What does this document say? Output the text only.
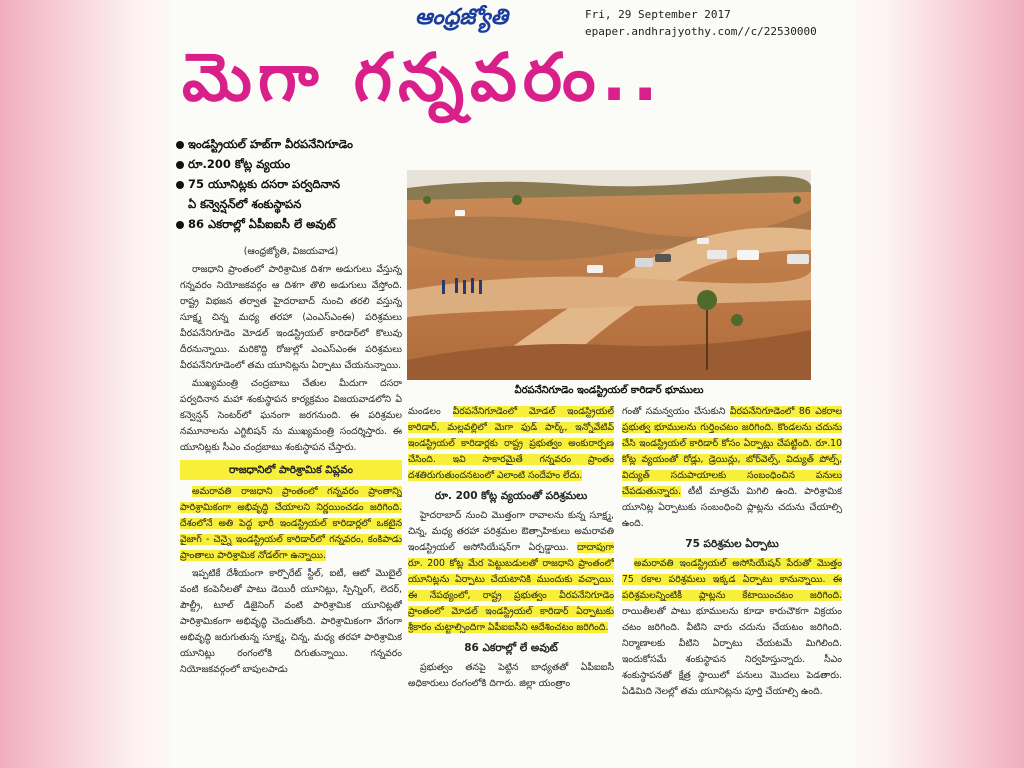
ఆంధ్రజ్యోతి	Fri, 29 September 2017
epaper.andhrajyothy.com//c/22530000
మెగా గన్నవరం..
ఇండస్ట్రియల్ హబ్‌గా వీరపనేనిగూడెం
రూ.200 కోట్ల వ్యయం
75 యూనిట్లకు దసరా పర్వదినాన
ఏ కన్వెన్షన్‌లో శంకుస్థాపన
86 ఎకరాల్లో ఏపీఐఐసీ లే అవుట్
వీరపనేనిగూడెం ఇండస్ట్రియల్ కారిడార్ భూములు
(ఆంధ్రజ్యోతి, విజయవాడ)

రాజధాని ప్రాంతంలో పారిశ్రామిక దిశగా అడుగులు వేస్తున్న గన్నవరం నియోజకవర్గం ఆ దిశగా తొలి అడుగులు వేస్తోంది. రాష్ట్ర విభజన తర్వాత హైదరాబాద్ నుంచి తరలి వస్తున్న సూక్ష్మ చిన్న మధ్య తరహా (ఎంఎస్ఎంఈ) పరిశ్రమలు వీరపనేనిగూడెం మోడల్ ఇండస్ట్రియల్ కారిడార్‌లో కొలువు దీరనున్నాయి. మరికొద్ది రోజుల్లో ఎంఎస్ఎంఈ పరిశ్రమలు వీరపనేనిగూడెంలో తమ యూనిట్లను ఏర్పాటు చేయనున్నాయి.

ముఖ్యమంత్రి చంద్రబాబు చేతుల మీదుగా దసరా పర్వదినాన మహా శంకుస్థాపన కార్యక్రమం విజయవాడలోని ఏ కన్వెన్షన్ సెంటర్‌లో ఘనంగా జరగనుంది. ఈ పరిశ్రమల నమూనాలను ఎగ్జిబిషన్ ను ముఖ్యమంత్రి సందర్శిస్తారు. ఈ యూనిట్లకు సీఎం చంద్రబాబు శంకుస్థాపన చేస్తారు.

రాజధానిలో పారిశ్రామిక విప్లవం

అమరావతి రాజధాని ప్రాంతంలో గన్నవరం ప్రాంతాన్ని పారిశ్రామికంగా అభివృద్ధి చేయాలని నిర్ణయించడం జరిగింది. దేశంలోనే అతి పెద్ద భారీ ఇండస్ట్రియల్ కారిడార్లలో ఒకటైన వైజాగ్ - చెన్నై ఇండస్ట్రియల్ కారిడార్‌లో గన్నవరం, కంకిపాడు ప్రాంతాలు పారిశ్రామిక నోడల్‌గా ఉన్నాయి.

ఇప్పటికే దేశీయంగా కార్పొరేట్ స్టీల్, ఐటీ, ఆటో మొబైల్ వంటి కంపెనీలతో పాటు డెయిరీ యూనిట్లు, స్పిన్నింగ్, లెదర్, పౌల్ట్రీ, టూల్ డిజైనింగ్ వంటి పారిశ్రామిక యూనిట్లతో పారిశ్రామికంగా అభివృద్ధి చెందుతోంది. పారిశ్రామికంగా వేగంగా అభివృద్ధి జరుగుతున్న సూక్ష్మ, చిన్న, మధ్య తరహా పారిశ్రామిక యూనిట్లు రంగంలోకి దిగుతున్నాయి. గన్నవరం నియోజకవర్గంలో బాపులపాడు

మండలం వీరపనేనిగూడెంలో మోడల్ ఇండస్ట్రియల్ కారిడార్, మల్లవల్లిలో మెగా ఫుడ్ పార్క్, ఇన్నోవేటివ్ ఇండస్ట్రియల్ కారిడార్లకు రాష్ట్ర ప్రభుత్వం అంకురార్పణ చేసింది. ఇవి సాకారమైతే గన్నవరం ప్రాంతం దశతిరుగుతుందనటంలో ఎలాంటి సందేహం లేదు.

రూ. 200 కోట్ల వ్యయంతో పరిశ్రమలు

హైదరాబాద్ నుంచి మొత్తంగా రావాలను కున్న సూక్ష్మ, చిన్న, మధ్య తరహా పరిశ్రమల ఔత్సాహికులు అమరావతి ఇండస్ట్రియల్ అసోసియేషన్‌గా ఏర్పడ్డాయి. దాదాపుగా రూ. 200 కోట్ల మేర పెట్టుబడులతో రాజధాని ప్రాంతంలో యూనిట్లను ఏర్పాటు చేయటానికి ముందుకు వచ్చాయి. ఈ నేపథ్యంలో, రాష్ట్ర ప్రభుత్వం వీరపనేనిగూడెం ప్రాంతంలో మోడల్ ఇండస్ట్రియల్ కారిడార్ ఏర్పాటుకు శ్రీకారం చుట్టాల్సిందిగా ఏపీఐఐసీని ఆదేశించటం జరిగింది.

86 ఎకరాల్లో లే అవుట్

ప్రభుత్వం తనపై పెట్టిన బాధ్యతతో ఏపీఐఐసీ అధికారులు రంగంలోకి దిగారు. జిల్లా యంత్రాం

గంతో సమన్వయం చేసుకుని వీరపనేనిగూడెంలో 86 ఎకరాల ప్రభుత్వ భూములను గుర్తించటం జరిగింది. కొండలను చదును చేసి ఇండస్ట్రియల్ కారిడార్ కోసం ఏర్పాట్లు చేపట్టింది. రూ.10 కోట్ల వ్యయంతో రోడ్లు, డ్రెయిన్లు, బోర్‌వెల్స్, విద్యుత్ పోల్స్, విద్యుత్ సదుపాయాలకు సంబంధించిన పనులు చేపడుతున్నారు. టీటీ మాత్రమే మిగిలి ఉంది. పారిశ్రామిక యూనిట్ల ఏర్పాటుకు సంబంధించి ప్లాట్లను చదును చేయాల్సి ఉంది.

75 పరిశ్రమల ఏర్పాటు

అమరావతి ఇండస్ట్రియల్ అసోసియేషన్ పేరుతో మొత్తం 75 రకాల పరిశ్రమలు ఇక్కడ ఏర్పాటు కానున్నాయి. ఈ పరిశ్రమలన్నింటికీ ప్లాట్లను కేటాయించటం జరిగింది. రాయితీలతో పాటు భూములను కూడా కారుచౌకగా విక్రయం చటం జరిగింది. వీటిని వారు చదును చేయటం జరిగింది. నిర్మాణాలకు వీటిని ఏర్పాటు చేయటమే మిగిలింది. ఇందుకోసమే శంకుస్థాపన నిర్వహిస్తున్నారు. సీఎం శంకుస్థాపనతో క్షేత్ర స్థాయిలో పనులు మొదలు పెడతారు. ఏడిమిది నెలల్లో తమ యూనిట్లను పూర్తి చేయాల్సి ఉంది.
